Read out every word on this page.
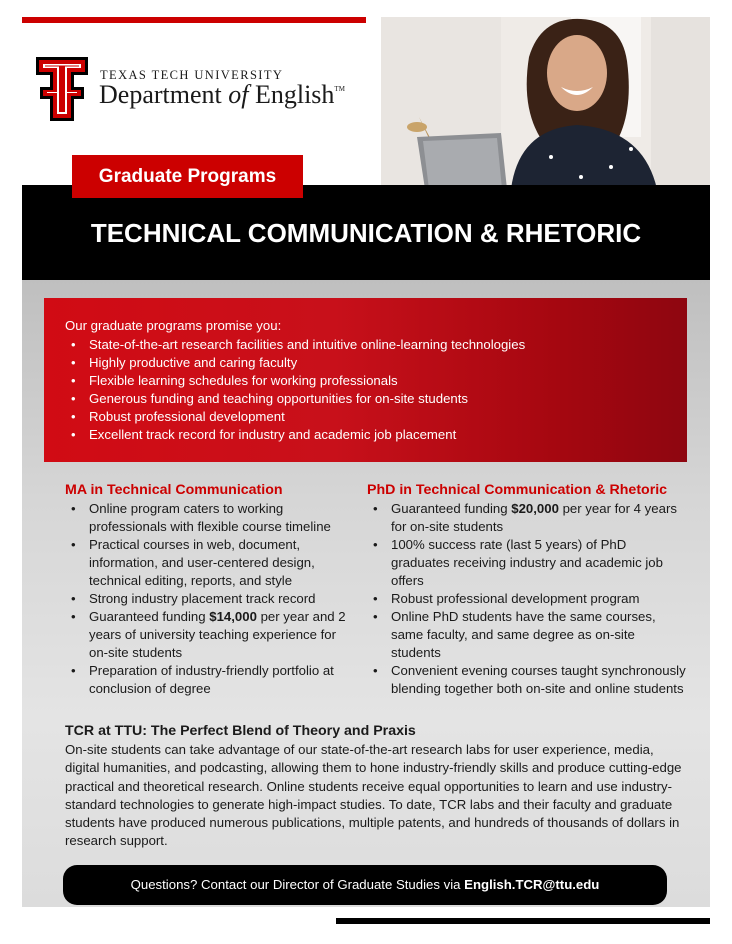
TEXAS TECH UNIVERSITY
Department of English™
TECHNICAL COMMUNICATION & RHETORIC
Graduate Programs
Our graduate programs promise you:
• State-of-the-art research facilities and intuitive online-learning technologies
• Highly productive and caring faculty
• Flexible learning schedules for working professionals
• Generous funding and teaching opportunities for on-site students
• Robust professional development
• Excellent track record for industry and academic job placement
MA in Technical Communication
• Online program caters to working professionals with flexible course timeline
• Practical courses in web, document, information, and user-centered design, technical editing, reports, and style
• Strong industry placement track record
• Guaranteed funding $14,000 per year and 2 years of university teaching experience for on-site students
• Preparation of industry-friendly portfolio at conclusion of degree
PhD in Technical Communication & Rhetoric
• Guaranteed funding $20,000 per year for 4 years for on-site students
• 100% success rate (last 5 years) of PhD graduates receiving industry and academic job offers
• Robust professional development program
• Online PhD students have the same courses, same faculty, and same degree as on-site students
• Convenient evening courses taught synchronously blending together both on-site and online students
TCR at TTU: The Perfect Blend of Theory and Praxis
On-site students can take advantage of our state-of-the-art research labs for user experience, media, digital humanities, and podcasting, allowing them to hone industry-friendly skills and produce cutting-edge practical and theoretical research. Online students receive equal opportunities to learn and use industry-standard technologies to generate high-impact studies. To date, TCR labs and their faculty and graduate students have produced numerous publications, multiple patents, and hundreds of thousands of dollars in research support.
Questions? Contact our Director of Graduate Studies via English.TCR@ttu.edu
